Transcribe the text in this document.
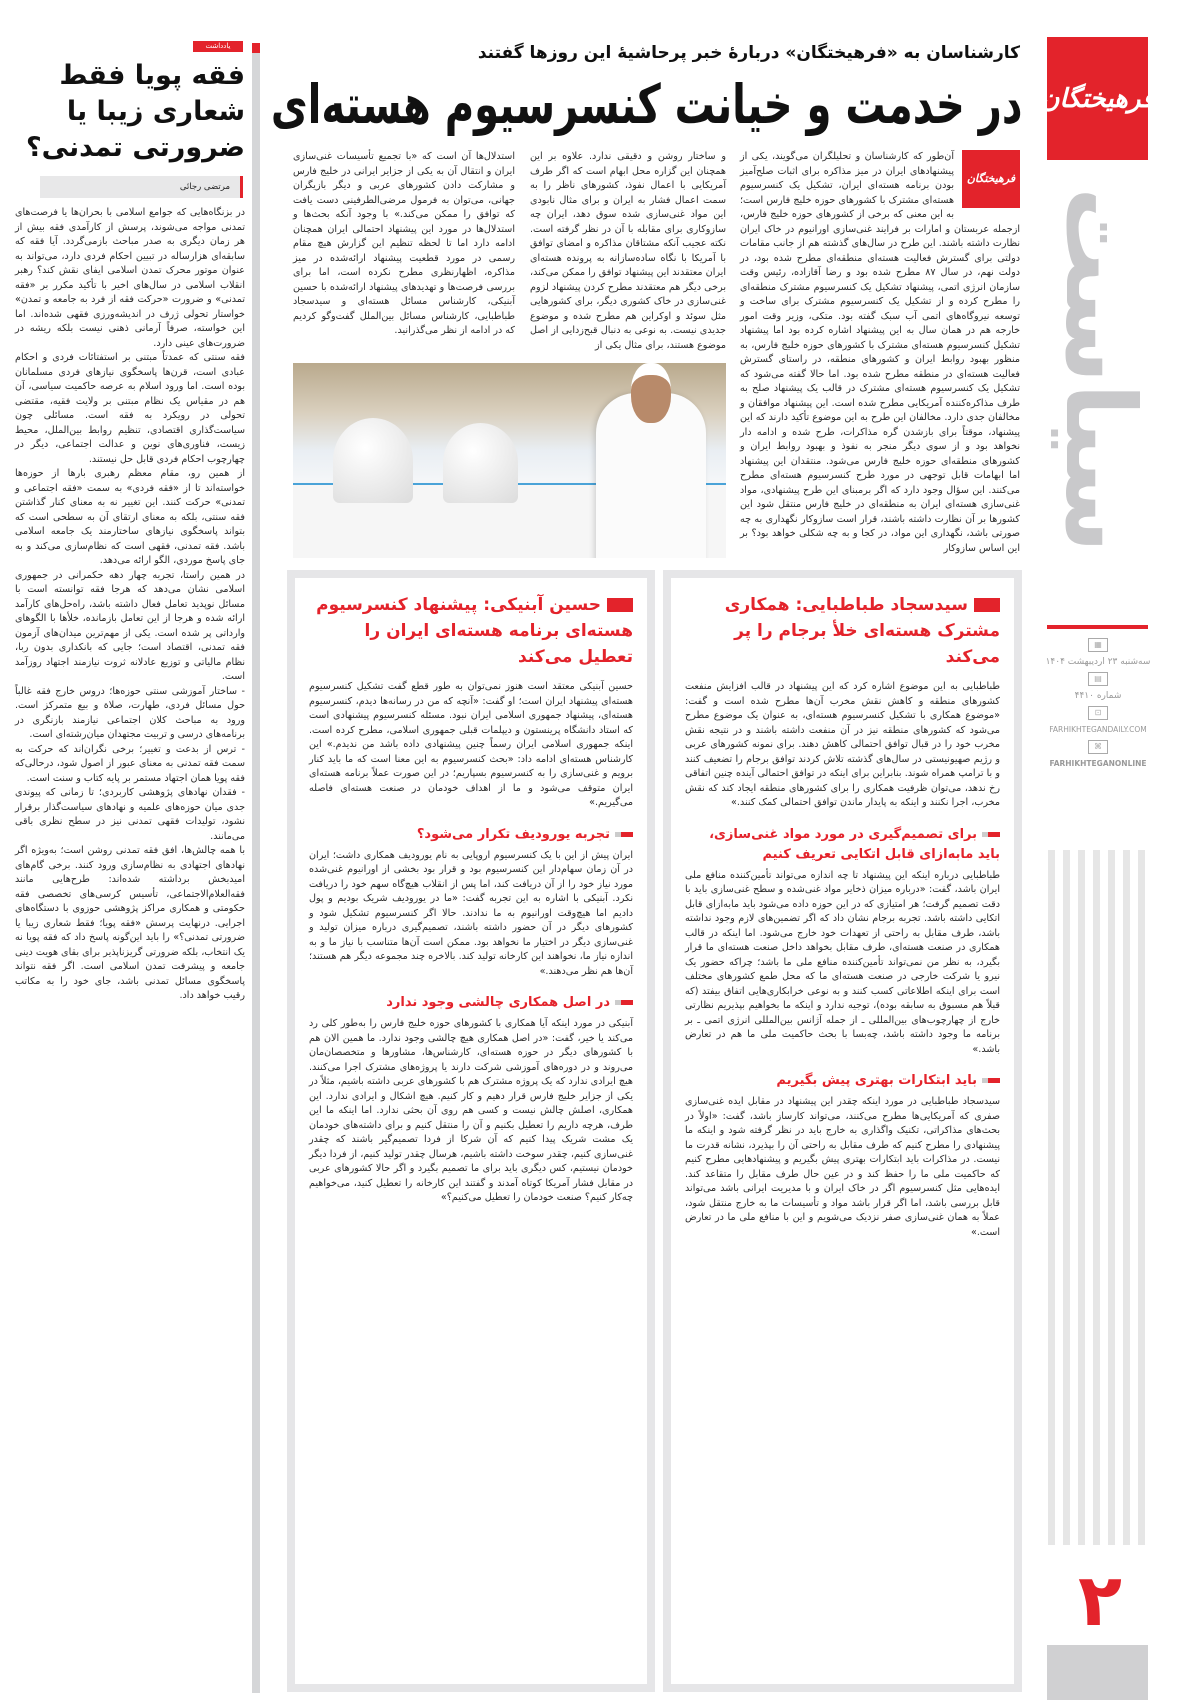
فرهیختگان
سیاست
▦
سه‌شنبه ۲۳ اردیبهشت ۱۴۰۴
▤
شماره ۴۴۱۰
⊡
FARHIKHTEGANDAILY.COM
⌘
FARHIKHTEGANONLINE
۲
کارشناسان به «فرهیختگان» دربارهٔ خبر پرحاشیهٔ این روزها گفتند
در خدمت و خیانت کنسرسیوم هسته‌ای
فرهیختگان

آن‌طور که کارشناسان و تحلیلگران می‌گویند، یکی از پیشنهادهای ایران در میز مذاکره برای اثبات صلح‌آمیز بودن برنامه هسته‌ای ایران، تشکیل یک کنسرسیوم هسته‌ای مشترک با کشورهای حوزه خلیج فارس است؛ به این معنی که برخی از کشورهای حوزه خلیج فارس، ازجمله عربستان و امارات بر فرایند غنی‌سازی اورانیوم در خاک ایران نظارت داشته باشند. این طرح در سال‌های گذشته هم از جانب مقامات دولتی برای گسترش فعالیت هسته‌ای منطقه‌ای مطرح شده بود، در دولت نهم، در سال ۸۷ مطرح شده بود و رضا آقازاده، رئیس وقت سازمان انرژی اتمی، پیشنهاد تشکیل یک کنسرسیوم مشترک منطقه‌ای را مطرح کرده و از تشکیل یک کنسرسیوم مشترک برای ساخت و توسعه نیروگاه‌های اتمی آب سبک گفته بود. متکی، وزیر وقت امور خارجه هم در همان سال به این پیشنهاد اشاره کرده بود اما پیشنهاد تشکیل کنسرسیوم هسته‌ای مشترک با کشورهای حوزه خلیج فارس، به منظور بهبود روابط ایران و کشورهای منطقه، در راستای گسترش فعالیت هسته‌ای در منطقه مطرح شده بود. اما حالا گفته می‌شود که تشکیل یک کنسرسیوم هسته‌ای مشترک در قالب یک پیشنهاد صلح به طرف مذاکره‌کننده آمریکایی مطرح شده است. این پیشنهاد موافقان و مخالفان جدی دارد. مخالفان این طرح به این موضوع تأکید دارند که این پیشنهاد، موقتاً برای بازشدن گره مذاکرات، طرح شده و ادامه دار نخواهد بود و از سوی دیگر منجر به نفوذ و بهبود روابط ایران و کشورهای منطقه‌ای حوزه خلیج فارس می‌شود. منتقدان این پیشنهاد اما ابهامات قابل توجهی در مورد طرح کنسرسیوم هسته‌ای مطرح می‌کنند. این سؤال وجود دارد که اگر برمبنای این طرح پیشنهادی، مواد غنی‌سازی هسته‌ای ایران به منطقه‌ای در خلیج فارس منتقل شود این کشورها بر آن نظارت داشته باشند، قرار است سازوکار نگهداری به چه صورتی باشد، نگهداری این مواد، در کجا و به چه شکلی خواهد بود؟ بر این اساس سازوکار

و ساختار روشن و دقیقی ندارد. علاوه بر این همچنان این گزاره محل ابهام است که اگر طرف آمریکایی با اعمال نفوذ، کشورهای ناظر را به سمت اعمال فشار به ایران و برای مثال نابودی این مواد غنی‌سازی شده سوق دهد، ایران چه سازوکاری برای مقابله با آن در نظر گرفته است. نکته عجیب آنکه مشتاقان مذاکره و امضای توافق با آمریکا با نگاه ساده‌سازانه به پرونده هسته‌ای ایران معتقدند این پیشنهاد توافق را ممکن می‌کند، برخی دیگر هم معتقدند مطرح کردن پیشنهاد لزوم غنی‌سازی در خاک کشوری دیگر، برای کشورهایی مثل سوئد و اوکراین هم مطرح شده و موضوع جدیدی نیست. به نوعی به دنبال قبح‌زدایی از اصل موضوع هستند، برای مثال یکی از

استدلال‌ها آن است که «با تجمیع تأسیسات غنی‌سازی ایران و انتقال آن به یکی از جزایر ایرانی در خلیج فارس و مشارکت دادن کشورهای عربی و دیگر بازیگران جهانی، می‌توان به فرمول مرضی‌الطرفینی دست یافت که توافق را ممکن می‌کند.» با وجود آنکه بحث‌ها و استدلال‌ها در مورد این پیشنهاد احتمالی ایران همچنان ادامه دارد اما تا لحظه تنظیم این گزارش هیچ مقام رسمی در مورد قطعیت پیشنهاد ارائه‌شده در میز مذاکره، اظهارنظری مطرح نکرده است، اما برای بررسی فرصت‌ها و تهدیدهای پیشنهاد ارائه‌شده با حسین آبنیکی، کارشناس مسائل هسته‌ای و سیدسجاد طباطبایی، کارشناس مسائل بین‌الملل گفت‌وگو کردیم که در ادامه از نظر می‌گذرانید.

سیدسجاد طباطبایی: همکاری مشترک هسته‌ای خلأ برجام را پر می‌کند

طباطبایی به این موضوع اشاره کرد که این پیشنهاد در قالب افزایش منفعت کشورهای منطقه و کاهش نقش مخرب آن‌ها مطرح شده است و گفت: «موضوع همکاری با تشکیل کنسرسیوم هسته‌ای، به عنوان یک موضوع مطرح می‌شود که کشورهای منطقه نیز در آن منفعت داشته باشند و در نتیجه نقش مخرب خود را در قبال توافق احتمالی کاهش دهند. برای نمونه کشورهای عربی و رژیم صهیونیستی در سال‌های گذشته تلاش کردند توافق برجام را تضعیف کنند و با ترامپ همراه شوند. بنابراین برای اینکه در توافق احتمالی آینده چنین اتفاقی رخ ندهد، می‌توان ظرفیت همکاری را برای کشورهای منطقه ایجاد کند که نقش مخرب، اجرا نکنند و اینکه به پایدار ماندن توافق احتمالی کمک کنند.»

برای تصمیم‌گیری در مورد مواد غنی‌سازی، باید مابه‌ازای قابل اتکایی تعریف کنیم

طباطبایی درباره اینکه این پیشنهاد تا چه اندازه می‌تواند تأمین‌کننده منافع ملی ایران باشد، گفت: «درباره میزان ذخایر مواد غنی‌شده و سطح غنی‌سازی باید با دقت تصمیم گرفت؛ هر امتیازی که در این حوزه داده می‌شود باید مابه‌ازای قابل اتکایی داشته باشد. تجربه برجام نشان داد که اگر تضمین‌های لازم وجود نداشته باشد، طرف مقابل به راحتی از تعهدات خود خارج می‌شود. اما اینکه در قالب همکاری در صنعت هسته‌ای، طرف مقابل بخواهد داخل صنعت هسته‌ای ما قرار بگیرد، به نظر من نمی‌تواند تأمین‌کننده منافع ملی ما باشد؛ چراکه حضور یک نیرو یا شرکت خارجی در صنعت هسته‌ای ما که محل طمع کشورهای مختلف است برای اینکه اطلاعاتی کسب کنند و به نوعی خرابکاری‌هایی اتفاق بیفتد (که قبلاً هم مسبوق به سابقه بوده)، توجیه ندارد و اینکه ما بخواهیم بپذیریم نظارتی خارج از چهارچوب‌های بین‌المللی ـ از جمله آژانس بین‌المللی انرژی اتمی ـ بر برنامه ما وجود داشته باشد، چه‌بسا با بحث حاکمیت ملی ما هم در تعارض باشد.»

باید ابتکارات بهتری پیش بگیریم

سیدسجاد طباطبایی در مورد اینکه چقدر این پیشنهاد در مقابل ایده غنی‌سازی صفری که آمریکایی‌ها مطرح می‌کنند، می‌تواند کارساز باشد، گفت: «اولاً در بحث‌های مذاکراتی، تکنیک واگذاری به خارج باید در نظر گرفته شود و اینکه ما پیشنهادی را مطرح کنیم که طرف مقابل به راحتی آن را بپذیرد، نشانه قدرت ما نیست. در مذاکرات باید ابتکارات بهتری پیش بگیریم و پیشنهادهایی مطرح کنیم که حاکمیت ملی ما را حفظ کند و در عین حال طرف مقابل را متقاعد کند. ایده‌هایی مثل کنسرسیوم اگر در خاک ایران و با مدیریت ایرانی باشد می‌تواند قابل بررسی باشد، اما اگر قرار باشد مواد و تأسیسات ما به خارج منتقل شود، عملاً به همان غنی‌سازی صفر نزدیک می‌شویم و این با منافع ملی ما در تعارض است.»

حسین آبنیکی: پیشنهاد کنسرسیوم هسته‌ای برنامه هسته‌ای ایران را تعطیل می‌کند

حسین آبنیکی معتقد است هنوز نمی‌توان به طور قطع گفت تشکیل کنسرسیوم هسته‌ای پیشنهاد ایران است؛ او گفت: «آنچه که من در رسانه‌ها دیدم، کنسرسیوم هسته‌ای، پیشنهاد جمهوری اسلامی ایران نبود. مسئله کنسرسیوم پیشنهادی است که استاد دانشگاه پرینستون و دیپلمات قبلی جمهوری اسلامی، مطرح کرده است. اینکه جمهوری اسلامی ایران رسماً چنین پیشنهادی داده باشد من ندیدم.» این کارشناس هسته‌ای ادامه داد: «بحث کنسرسیوم به این معنا است که ما باید کنار برویم و غنی‌سازی را به کنسرسیوم بسپاریم؛ در این صورت عملاً برنامه هسته‌ای ایران متوقف می‌شود و ما از اهداف خودمان در صنعت هسته‌ای فاصله می‌گیریم.»

تجربه یورودیف تکرار می‌شود؟

ایران پیش از این با یک کنسرسیوم اروپایی به نام یورودیف همکاری داشت؛ ایران در آن زمان سهام‌دار این کنسرسیوم بود و قرار بود بخشی از اورانیوم غنی‌شده مورد نیاز خود را از آن دریافت کند، اما پس از انقلاب هیچ‌گاه سهم خود را دریافت نکرد. آبنیکی با اشاره به این تجربه گفت: «ما در یورودیف شریک بودیم و پول دادیم اما هیچ‌وقت اورانیوم به ما ندادند. حالا اگر کنسرسیوم تشکیل شود و کشورهای دیگر در آن حضور داشته باشند، تصمیم‌گیری درباره میزان تولید و غنی‌سازی دیگر در اختیار ما نخواهد بود. ممکن است آن‌ها متناسب با نیاز ما و به اندازه نیاز ما، نخواهند این کارخانه تولید کند. بالاخره چند مجموعه دیگر هم هستند؛ آن‌ها هم نظر می‌دهند.»

در اصل همکاری چالشی وجود ندارد

آبنیکی در مورد اینکه آیا همکاری با کشورهای حوزه خلیج فارس را به‌طور کلی رد می‌کند یا خیر، گفت: «در اصل همکاری هیچ چالشی وجود ندارد. ما همین الان هم با کشورهای دیگر در حوزه هسته‌ای، کارشناس‌ها، مشاورها و متخصصان‌مان می‌روند و در دوره‌های آموزشی شرکت دارند یا پروژه‌های مشترک اجرا می‌کنند. هیچ ایرادی ندارد که یک پروژه مشترک هم با کشورهای عربی داشته باشیم، مثلاً در یکی از جزایر خلیج فارس قرار دهیم و کار کنیم. هیچ اشکال و ایرادی ندارد. این همکاری، اصلش چالش نیست و کسی هم روی آن بحثی ندارد. اما اینکه ما این طرف، هرچه داریم را تعطیل بکنیم و آن را منتقل کنیم و برای داشته‌های خودمان یک مشت شریک پیدا کنیم که آن شرکا از فردا تصمیم‌گیر باشند که چقدر غنی‌سازی کنیم، چقدر سوخت داشته باشیم، هرسال چقدر تولید کنیم، از فردا دیگر خودمان نیستیم، کس دیگری باید برای ما تصمیم بگیرد و اگر حالا کشورهای عربی در مقابل فشار آمریکا کوتاه آمدند و گفتند این کارخانه را تعطیل کنید، می‌خواهیم چه‌کار کنیم؟ صنعت خودمان را تعطیل می‌کنیم؟»

یادداشت
فقه پویا فقط شعاری زیبا یا ضرورتی تمدنی؟
مرتضی رجائی

در بزنگاه‌هایی که جوامع اسلامی با بحران‌ها یا فرصت‌های تمدنی مواجه می‌شوند، پرسش از کارآمدی فقه بیش از هر زمان دیگری به صدر مباحث بازمی‌گردد. آیا فقه که سابقه‌ای هزارساله در تبیین احکام فردی دارد، می‌تواند به عنوان موتور محرک تمدن اسلامی ایفای نقش کند؟ رهبر انقلاب اسلامی در سال‌های اخیر با تأکید مکرر بر «فقه تمدنی» و ضرورت «حرکت فقه از فرد به جامعه و تمدن» خواستار تحولی ژرف در اندیشه‌ورزی فقهی شده‌اند. اما این خواسته، صرفاً آرمانی ذهنی نیست بلکه ریشه در ضرورت‌های عینی دارد.

فقه سنتی که عمدتاً مبتنی بر استفتائات فردی و احکام عبادی است، قرن‌ها پاسخگوی نیازهای فردی مسلمانان بوده است. اما ورود اسلام به عرصه حاکمیت سیاسی، آن هم در مقیاس یک نظام مبتنی بر ولایت فقیه، مقتضی تحولی در رویکرد به فقه است. مسائلی چون سیاست‌گذاری اقتصادی، تنظیم روابط بین‌الملل، محیط زیست، فناوری‌های نوین و عدالت اجتماعی، دیگر در چهارچوب احکام فردی قابل حل نیستند.

از همین رو، مقام معظم رهبری بارها از حوزه‌ها خواسته‌اند تا از «فقه فردی» به سمت «فقه اجتماعی و تمدنی» حرکت کنند. این تغییر نه به معنای کنار گذاشتن فقه سنتی، بلکه به معنای ارتقای آن به سطحی است که بتواند پاسخگوی نیازهای ساختارمند یک جامعه اسلامی باشد. فقه تمدنی، فقهی است که نظام‌سازی می‌کند و به جای پاسخ موردی، الگو ارائه می‌دهد.

در همین راستا، تجربه چهار دهه حکمرانی در جمهوری اسلامی نشان می‌دهد که هرجا فقه توانسته است با مسائل نوپدید تعامل فعال داشته باشد، راه‌حل‌های کارآمد ارائه شده و هرجا از این تعامل بازمانده، خلأها با الگوهای وارداتی پر شده است. یکی از مهم‌ترین میدان‌های آزمون فقه تمدنی، اقتصاد است؛ جایی که بانکداری بدون ربا، نظام مالیاتی و توزیع عادلانه ثروت نیازمند اجتهاد روزآمد است.

- ساختار آموزشی سنتی حوزه‌ها؛ دروس خارج فقه غالباً حول مسائل فردی، طهارت، صلاة و بیع متمرکز است. ورود به مباحث کلان اجتماعی نیازمند بازنگری در برنامه‌های درسی و تربیت مجتهدان میان‌رشته‌ای است.

- ترس از بدعت و تغییر؛ برخی نگران‌اند که حرکت به سمت فقه تمدنی به معنای عبور از اصول شود، درحالی‌که فقه پویا همان اجتهاد مستمر بر پایه کتاب و سنت است.

- فقدان نهادهای پژوهشی کاربردی؛ تا زمانی که پیوندی جدی میان حوزه‌های علمیه و نهادهای سیاست‌گذار برقرار نشود، تولیدات فقهی تمدنی نیز در سطح نظری باقی می‌مانند.

با همه چالش‌ها، افق فقه تمدنی روشن است؛ به‌ویژه اگر نهادهای اجتهادی به نظام‌سازی ورود کنند. برخی گام‌های امیدبخش برداشته شده‌اند: طرح‌هایی مانند فقه‌العلام‌الاجتماعی، تأسیس کرسی‌های تخصصی فقه حکومتی و همکاری مراکز پژوهشی حوزوی با دستگاه‌های اجرایی. درنهایت پرسش «فقه پویا؛ فقط شعاری زیبا یا ضرورتی تمدنی؟» را باید این‌گونه پاسخ داد که فقه پویا نه یک انتخاب، بلکه ضرورتی گریزناپذیر برای بقای هویت دینی جامعه و پیشرفت تمدن اسلامی است. اگر فقه نتواند پاسخگوی مسائل تمدنی باشد، جای خود را به مکاتب رقیب خواهد داد.
